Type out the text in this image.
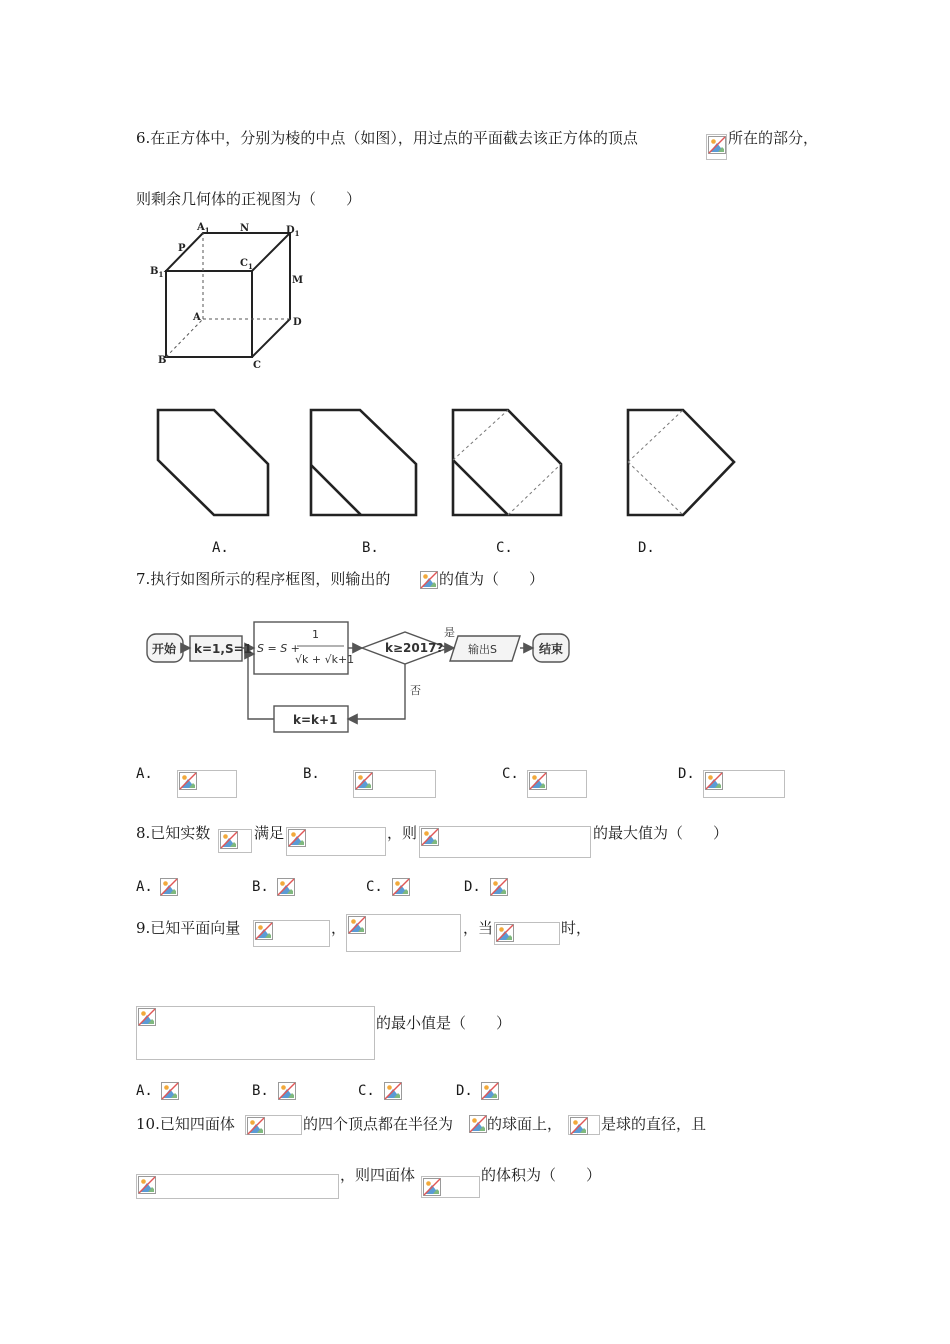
6.在正方体中，分别为棱的中点（如图），用过点的平面截去该正方体的顶点	所在的部分，
则剩余几何体的正视图为（　　）
$A_1$	N	$D_1$
P
$B_1$
$C_1$
M
A	D
B	C
A.	B.	C.	D.
7.执行如图所示的程序框图，则输出的	的值为（　　）
开始 k=1,S=1 S = S +
1
√k + √k+1
k≥2017?
是
否
输出S	结束
k=k+1
A.	B.	C.	D.
8.已知实数	满足	，则	的最大值为（　　）
A.	B.	C.	D.
9.已知平面向量	，	，当	时，
的最小值是（　　）
A.	B.	C.	D.
10.已知四面体	的四个顶点都在半径为 的球面上，	是球的直径，且
，则四面体	的体积为（　　）
